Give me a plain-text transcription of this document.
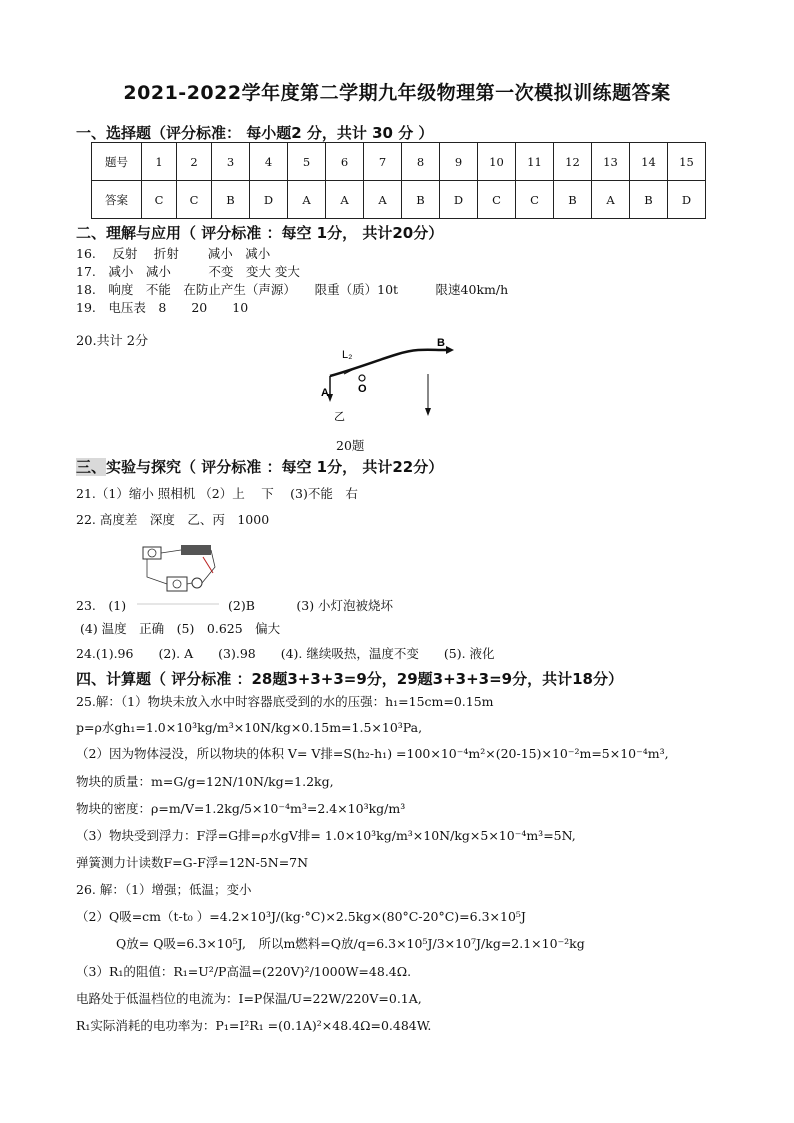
2021-2022学年度第二学期九年级物理第一次模拟训练题答案
一、选择题（评分标准： 每小题2 分，共计 30 分 ）
题号	1	2	3	4	5	6	7	8	9	10	11	12	13	14	15
答案	C	C	B	D	A	A	A	B	D	C	C	B	A	B	D
二、理解与应用（ 评分标准 ：每空 1分， 共计20分）
16.　 反射　 折射　　 减小　减小
17.　减小　减小　　　不变　变大 变大
18.　响度　不能　在防止产生（声源）　　限重（质）10t　　　限速40km/h
19.　电压表　8　　20　　10
20.共计 2分	B
A	O
L₂
乙
20题
三、实验与探究（ 评分标准 ：每空 1分， 共计22分）
21.（1）缩小 照相机 （2）上　 下　 (3)不能　右
22. 高度差　深度　乙、丙　1000
23.　(1)	(2)B　　　 (3) 小灯泡被烧坏
(4) 温度　正确　(5)　0.625　偏大
24.(1).96　　(2). A　　(3).98　　(4). 继续吸热，温度不变　　(5). 液化
四、计算题（ 评分标准 ：28题3+3+3=9分，29题3+3+3=9分，共计18分）
25.解：（1）物块未放入水中时容器底受到的水的压强：h₁=15cm=0.15m
p=ρ水gh₁=1.0×10³kg/m³×10N/kg×0.15m=1.5×10³Pa,
（2）因为物体浸没，所以物块的体积 V= V排=S(h₂-h₁) =100×10⁻⁴m²×(20-15)×10⁻²m=5×10⁻⁴m³,
物块的质量：m=G/g=12N/10N/kg=1.2kg,
物块的密度：ρ=m/V=1.2kg/5×10⁻⁴m³=2.4×10³kg/m³
（3）物块受到浮力：F浮=G排=ρ水gV排= 1.0×10³kg/m³×10N/kg×5×10⁻⁴m³=5N,
弹簧测力计读数F=G-F浮=12N-5N=7N
26. 解：（1）增强；低温；变小
（2）Q吸=cm（t-t₀ ）=4.2×10³J/(kg·°C)×2.5kg×(80°C-20°C)=6.3×10⁵J
Q放= Q吸=6.3×10⁵J,　所以m燃料=Q放/q=6.3×10⁵J/3×10⁷J/kg=2.1×10⁻²kg
（3）R₁的阻值：R₁=U²/P高温=(220V)²/1000W=48.4Ω.
电路处于低温档位的电流为：I=P保温/U=22W/220V=0.1A,
R₁实际消耗的电功率为：P₁=I²R₁ =(0.1A)²×48.4Ω=0.484W.
